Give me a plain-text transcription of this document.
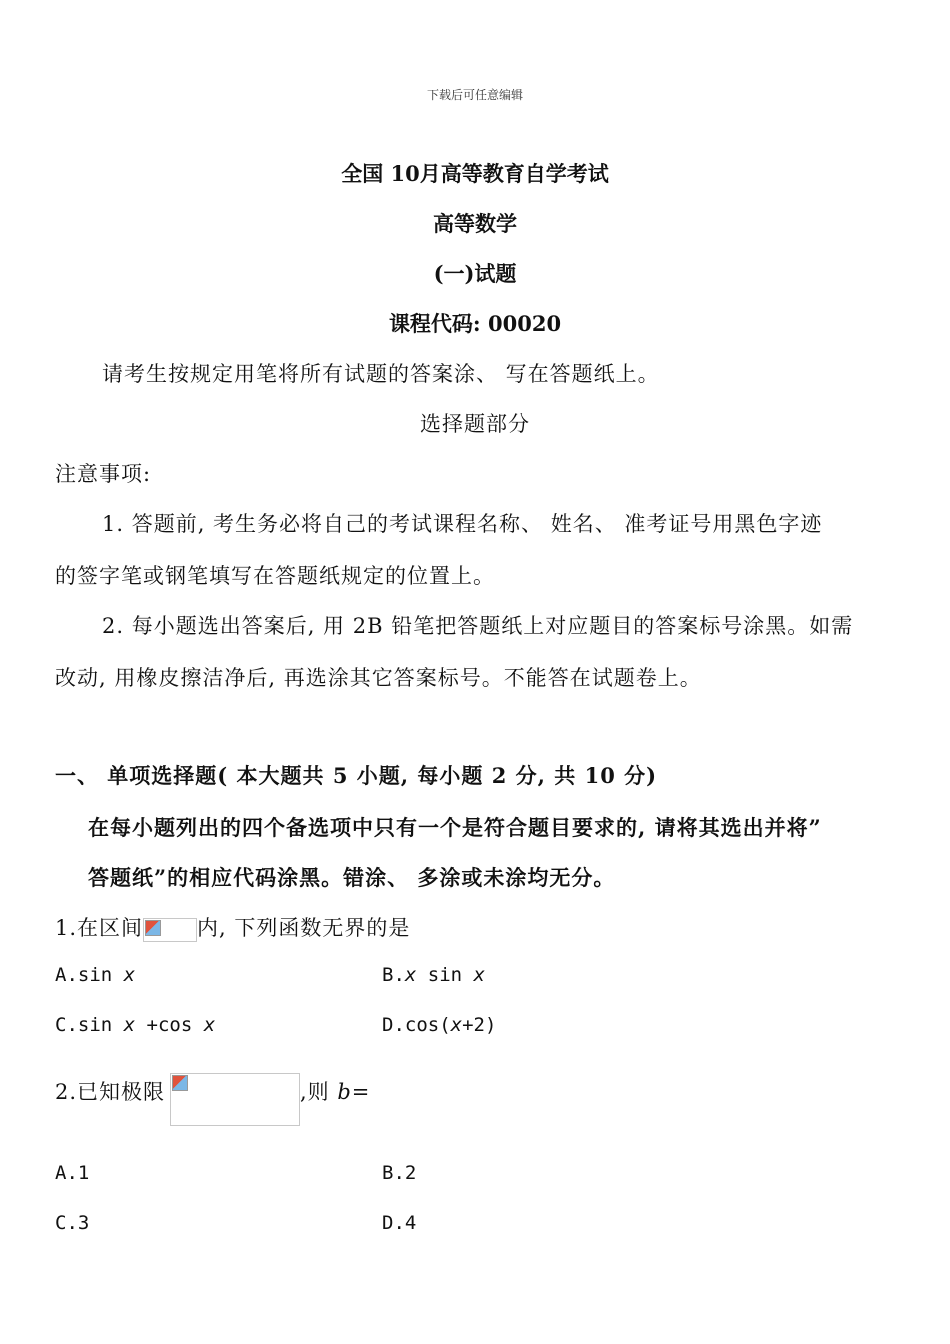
下载后可任意编辑
全国 10月高等教育自学考试
高等数学
(一)试题
课程代码: 00020
请考生按规定用笔将所有试题的答案涂、 写在答题纸上。
选择题部分
注意事项:
1. 答题前, 考生务必将自己的考试课程名称、 姓名、 准考证号用黑色字迹
的签字笔或钢笔填写在答题纸规定的位置上。
2. 每小题选出答案后, 用 2B 铅笔把答题纸上对应题目的答案标号涂黑。如需
改动, 用橡皮擦洁净后, 再选涂其它答案标号。不能答在试题卷上。
一、 单项选择题( 本大题共 5 小题, 每小题 2 分, 共 10 分)
在每小题列出的四个备选项中只有一个是符合题目要求的, 请将其选出并将”
答题纸”的相应代码涂黑。错涂、 多涂或未涂均无分。
1.在区间	内, 下列函数无界的是
A.sin x	B.x sin x
C.sin x +cos x	D.cos(x+2)
2.已知极限	,则 b=
A.1	B.2
C.3	D.4
